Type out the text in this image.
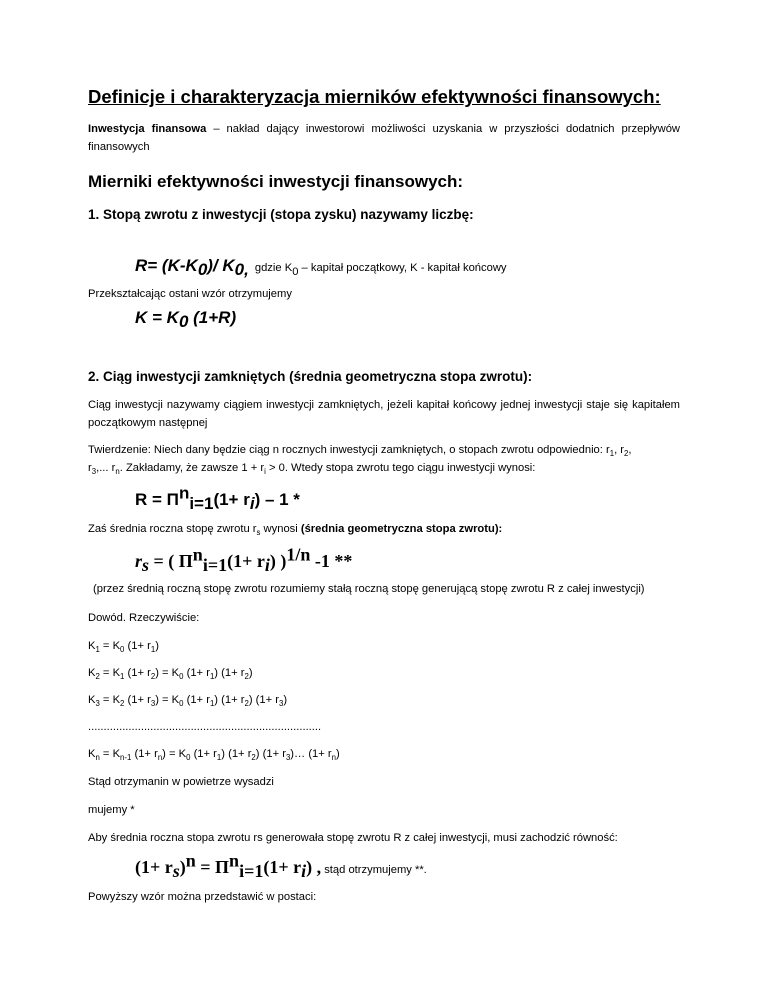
Definicje i charakteryzacja mierników efektywności finansowych:
Inwestycja finansowa – nakład dający inwestorowi możliwości uzyskania w przyszłości dodatnich przepływów finansowych
Mierniki efektywności inwestycji finansowych:
1. Stopą zwrotu z inwestycji (stopa zysku) nazywamy liczbę:
$R= (K-K_0)/$ $K_{0,}$ gdzie $K_0$ – kapitał początkowy, K - kapitał końcowy
Przekształcając ostani wzór otrzymujemy
$K = K_0$ (1+R)
2. Ciąg inwestycji zamkniętych (średnia geometryczna stopa zwrotu):
Ciąg inwestycji nazywamy ciągiem inwestycji zamkniętych, jeżeli kapitał końcowy jednej inwestycji staje się kapitałem początkowym następnej
Twierdzenie: Niech dany będzie ciąg n rocznych inwestycji zamkniętych, o stopach zwrotu odpowiednio: $r_1$, $r_2$,
$r_3$,... $r_n$. Zakładamy, że zawsze $1 + r_i > 0$. Wtedy stopa zwrotu tego ciągu inwestycji wynosi:
$R = \Pi^n_{i=1}(1+ r_i) - 1$ *
Zaś średnia roczna stopę zwrotu $r_s$ wynosi (średnia geometryczna stopa zwrotu):
$r_s$ = ( $\Pi^n_{i=1}(1+ r_i)$ )$^{1/n}$ -1 **
(przez średnią roczną stopę zwrotu rozumiemy stałą roczną stopę generującą stopę zwrotu R z całej inwestycji)
Dowód. Rzeczywiście:
$K_1 = K_0$ $(1+ r_1)$
$K_2 = K_1$ $(1+ r_2) = K_0$ $(1+ r_1)$ $(1+ r_2)$
$K_3 = K_2$ $(1+ r_3) = K_0$ $(1+ r_1)$ $(1+ r_2)$ $(1+ r_3)$
...........................................................................
$K_n = K_{n-1}$ $(1+ r_n) = K_0$ $(1+ r_1)$ $(1+ r_2)$ $(1+ r_3)\dots$ $(1+ r_n)$
Stąd otrzymanin w powietrze wysadzi
mujemy *
Aby średnia roczna stopa zwrotu rs generowała stopę zwrotu R z całej inwestycji, musi zachodzić równość:
$(1+ r_s)^n = \Pi^n_{i=1}(1+ r_i)$ , stąd otrzymujemy **.
Powyższy wzór można przedstawić w postaci:
